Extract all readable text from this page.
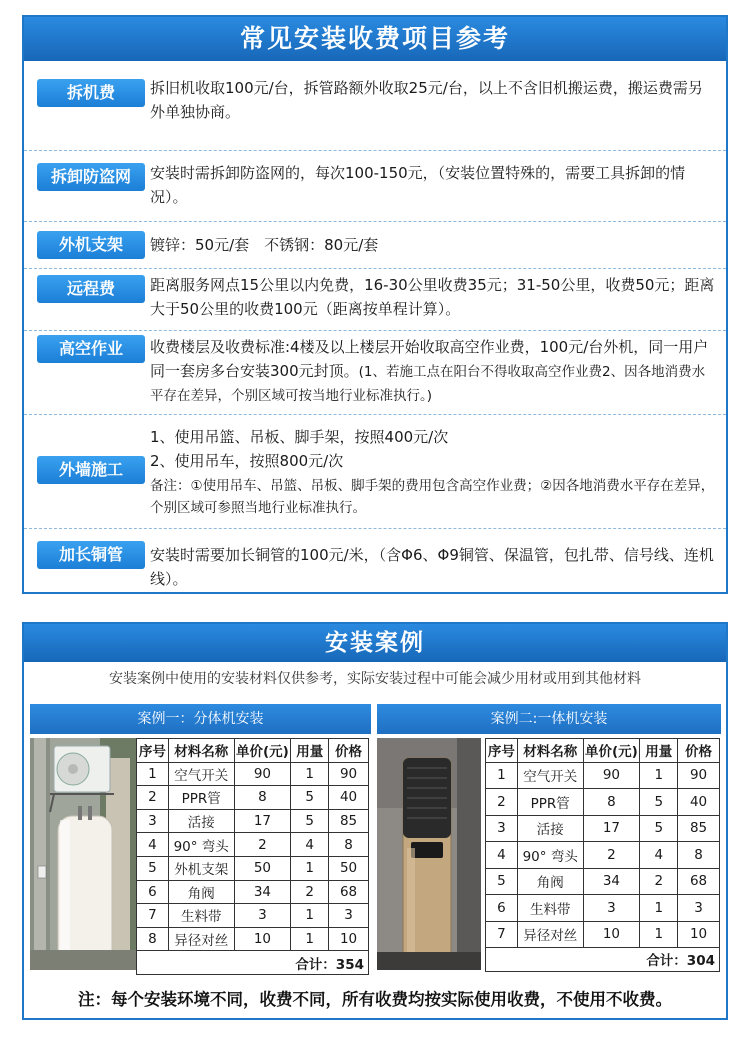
常见安装收费项目参考
拆机费	拆旧机收取100元/台，拆管路额外收取25元/台，以上不含旧机搬运费，搬运费需另外单独协商。
拆卸防盗网	安装时需拆卸防盗网的，每次100-150元，（安装位置特殊的，需要工具拆卸的情况）。
外机支架	镀锌：50元/套　不锈钢：80元/套
远程费	距离服务网点15公里以内免费，16-30公里收费35元；31-50公里，收费50元；距离大于50公里的收费100元（距离按单程计算）。
高空作业	收费楼层及收费标准:4楼及以上楼层开始收取高空作业费，100元/台外机，同一用户同一套房多台安装300元封顶。(1、若施工点在阳台不得收取高空作业费2、因各地消费水平存在差异，个别区域可按当地行业标准执行。)
外墙施工
1、使用吊篮、吊板、脚手架，按照400元/次
2、使用吊车，按照800元/次
备注：①使用吊车、吊篮、吊板、脚手架的费用包含高空作业费；②因各地消费水平存在差异，个别区域可参照当地行业标准执行。
加长铜管	安装时需要加长铜管的100元/米，（含Φ6、Φ9铜管、保温管，包扎带、信号线、连机线）。
安装案例
安装案例中使用的安装材料仅供参考，实际安装过程中可能会减少用材或用到其他材料
案例一：分体机安装
序号	材料名称	单价(元)	用量	价格
1	空气开关	90	1	90
2	PPR管	8	5	40
3	活接	17	5	85
4	90° 弯头	2	4	8
5	外机支架	50	1	50
6	角阀	34	2	68
7	生料带	3	1	3
8	异径对丝	10	1	10
合计：354				
案例二:一体机安装
序号	材料名称	单价(元)	用量	价格
1	空气开关	90	1	90
2	PPR管	8	5	40
3	活接	17	5	85
4	90° 弯头	2	4	8
5	角阀	34	2	68
6	生料带	3	1	3
7	异径对丝	10	1	10
合计：304				
注：每个安装环境不同，收费不同，所有收费均按实际使用收费，不使用不收费。
